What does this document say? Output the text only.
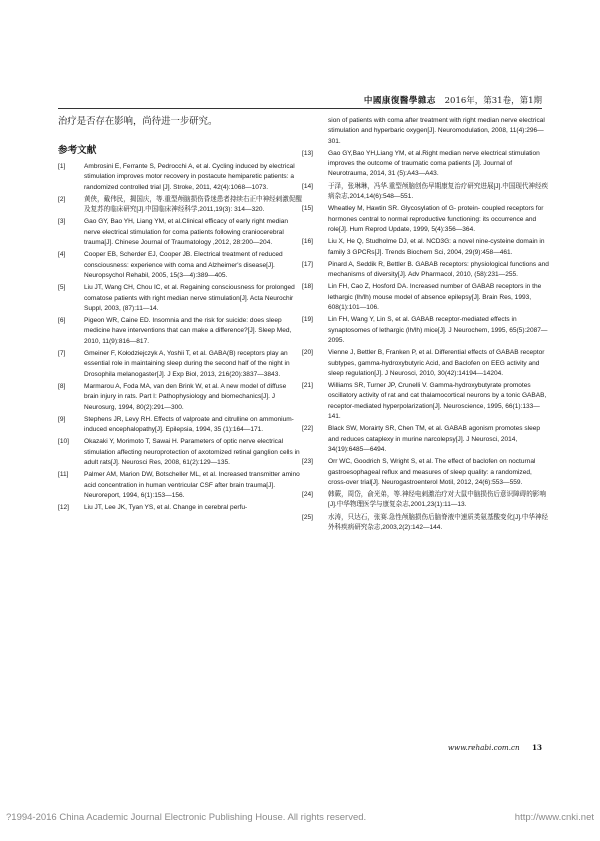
中國康復醫學雜志 2016年，第31卷，第1期

治疗是否存在影响，尚待进一步研究。

参考文献
[1]	Ambrosini E, Ferrante S, Pedrocchi A, et al. Cycling induced by electrical stimulation improves motor recovery in postacute hemiparetic patients: a randomized controlled trial [J]. Stroke, 2011, 42(4):1068—1073.
[2]	黄侠，戴伟民，揭国庆，等.重型颅脑损伤昏迷患者持续右正中神经刺激促醒及复苏的临床研究[J].中国临床神经科学,2011,19(3): 314—320.
[3]	Gao GY, Bao YH, Liang YM, et al.Clinical efficacy of early right median nerve electrical stimulation for coma patients following craniocerebral trauma[J]. Chinese Journal of Traumatology ,2012, 28:200—204.
[4]	Cooper EB, Scherder EJ, Cooper JB. Electrical treatment of reduced consciousness: experience with coma and Alzheimer's disease[J]. Neuropsychol Rehabil, 2005, 15(3—4):389—405.
[5]	Liu JT, Wang CH, Chou IC, et al. Regaining consciousness for prolonged comatose patients with right median nerve stimulation[J]. Acta Neurochir Suppl, 2003, (87):11—14.
[6]	Pigeon WR, Caine ED. Insomnia and the risk for suicide: does sleep medicine have interventions that can make a difference?[J]. Sleep Med, 2010, 11(9):816—817.
[7]	Gmeiner F, Kołodziejczyk A, Yoshii T, et al. GABA(B) receptors play an essential role in maintaining sleep during the second half of the night in Drosophila melanogaster[J]. J Exp Biol, 2013, 216(20):3837—3843.
[8]	Marmarou A, Foda MA, van den Brink W, et al. A new model of diffuse brain injury in rats. Part I: Pathophysiology and biomechanics[J]. J Neurosurg, 1994, 80(2):291—300.
[9]	Stephens JR, Levy RH. Effects of valproate and citrulline on ammonium-induced encephalopathy[J]. Epilepsia, 1994, 35 (1):164—171.
[10] Okazaki Y, Morimoto T, Sawai H. Parameters of optic nerve electrical stimulation affecting neuroprotection of axotomized retinal ganglion cells in adult rats[J]. Neurosci Res, 2008, 61(2):129—135.
[11] Palmer AM, Marion DW, Botscheller ML, et al. Increased transmitter amino acid concentration in human ventricular CSF after brain trauma[J]. Neuroreport, 1994, 6(1):153—156.
[12] Liu JT, Lee JK, Tyan YS, et al. Change in cerebral perfu-

sion of patients with coma after treatment with right median nerve electrical stimulation and hyperbaric oxygen[J]. Neuromodulation, 2008, 11(4):296—301.

[13] Gao GY,Bao YH,Liang YM, et al.Right median nerve electrical stimulation improves the outcome of traumatic coma patients [J]. Journal of Neurotrauma, 2014, 31 (5):A43—A43.
[14] 于泽，张琳琳，冯华.重型颅脑创伤早期康复治疗研究进展[J].中国现代神经疾病杂志,2014,14(6):548—551.
[15] Wheatley M, Hawtin SR. Glycosylation of G- protein- coupled receptors for hormones central to normal reproductive functioning: its occurrence and role[J]. Hum Reprod Update, 1999, 5(4):356—364.
[16] Liu X, He Q, Studholme DJ, et al. NCD3G: a novel nine-cysteine domain in family 3 GPCRs[J]. Trends Biochem Sci, 2004, 29(9):458—461.
[17] Pinard A, Seddik R, Bettler B. GABAB receptors: physiological functions and mechanisms of diversity[J]. Adv Pharmacol, 2010, (58):231—255.
[18] Lin FH, Cao Z, Hosford DA. Increased number of GABAB receptors in the lethargic (lh/lh) mouse model of absence epilepsy[J]. Brain Res, 1993, 608(1):101—106.
[19] Lin FH, Wang Y, Lin S, et al. GABAB receptor-mediated effects in synaptosomes of lethargic (lh/lh) mice[J]. J Neurochem, 1995, 65(5):2087—2095.
[20] Vienne J, Bettler B, Franken P, et al. Differential effects of GABAB receptor subtypes, gamma-hydroxybutyric Acid, and Baclofen on EEG activity and sleep regulation[J]. J Neurosci, 2010, 30(42):14194—14204.
[21] Williams SR, Turner JP, Crunelli V. Gamma-hydroxybutyrate promotes oscillatory activity of rat and cat thalamocortical neurons by a tonic GABAB, receptor-mediated hyperpolarization[J]. Neuroscience, 1995, 66(1):133—141.
[22] Black SW, Morairty SR, Chen TM, et al. GABAB agonism promotes sleep and reduces cataplexy in murine narcolepsy[J]. J Neurosci, 2014, 34(19):6485—6494.
[23] Orr WC, Goodrich S, Wright S, et al. The effect of baclofen on nocturnal gastroesophageal reflux and measures of sleep quality: a randomized, cross-over trial[J]. Neurogastroenterol Motil, 2012, 24(6):553—559.
[24] 韩蕨，周岱，俞光弟，等.神经电刺激治疗对大鼠中脑损伤后意识障碍的影响[J].中华物理医学与康复杂志,2001,23(1):11—13.
[25] 水涛，只达石，张赛.急性颅脑损伤后脑脊液中速质类氨基酸变化[J].中华神经外科疾病研究杂志,2003,2(2):142—144.
www.rehabi.com.cn 13
?1994-2016 China Academic Journal Electronic Publishing House. All rights reserved.	http://www.cnki.net
